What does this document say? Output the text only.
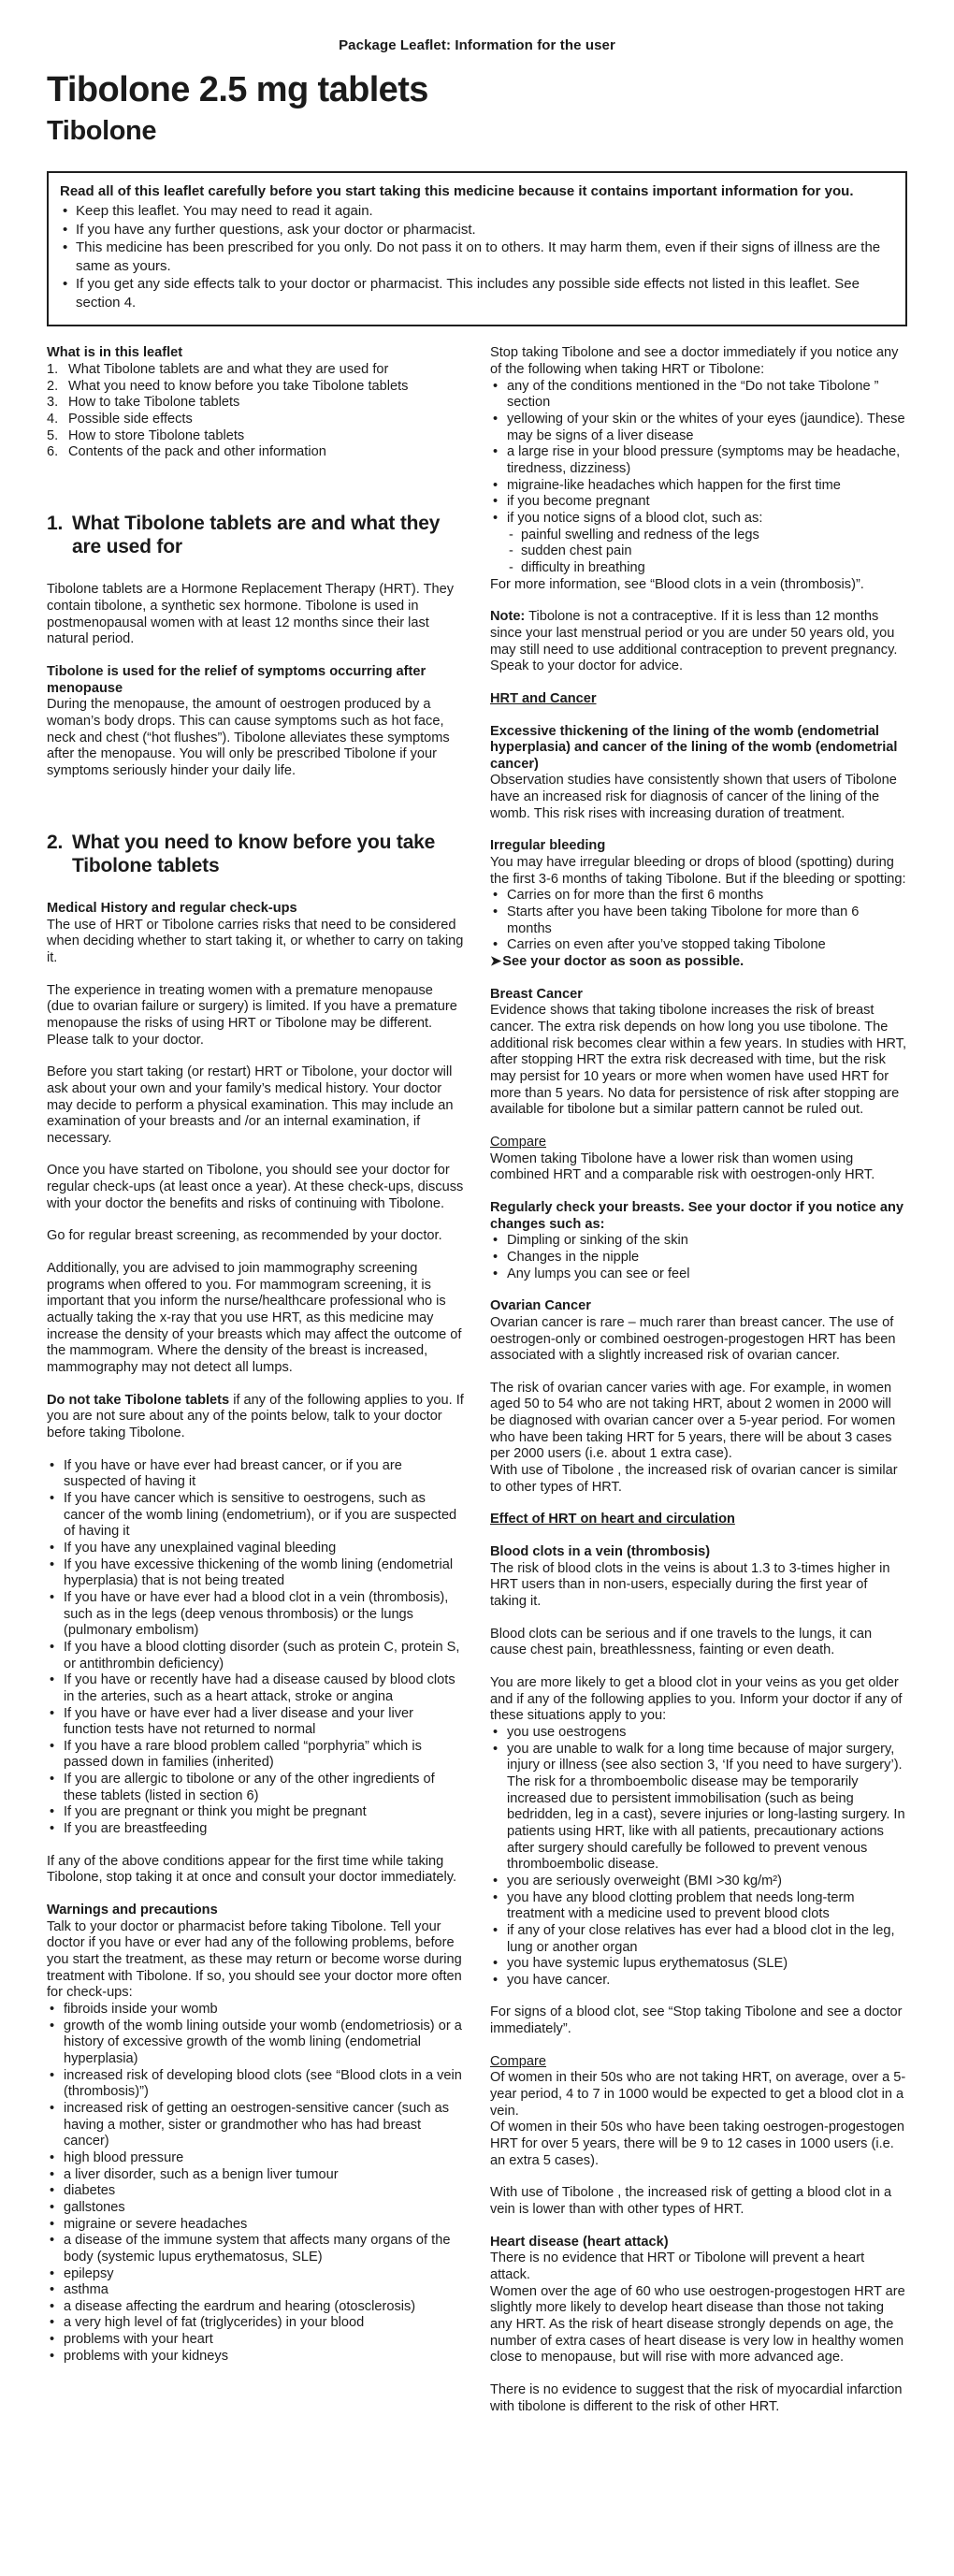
Package Leaflet: Information for the user
Tibolone 2.5 mg tablets
Tibolone
Read all of this leaflet carefully before you start taking this medicine because it contains important information for you.
• Keep this leaflet. You may need to read it again.
• If you have any further questions, ask your doctor or pharmacist.
• This medicine has been prescribed for you only. Do not pass it on to others. It may harm them, even if their signs of illness are the same as yours.
• If you get any side effects talk to your doctor or pharmacist. This includes any possible side effects not listed in this leaflet. See section 4.
What is in this leaflet
1. What Tibolone tablets are and what they are used for
2. What you need to know before you take Tibolone tablets
3. How to take Tibolone tablets
4. Possible side effects
5. How to store Tibolone tablets
6. Contents of the pack and other information
1. What Tibolone tablets are and what they are used for
Tibolone tablets are a Hormone Replacement Therapy (HRT). They contain tibolone, a synthetic sex hormone. Tibolone is used in postmenopausal women with at least 12 months since their last natural period.
Tibolone is used for the relief of symptoms occurring after menopause
During the menopause, the amount of oestrogen produced by a woman’s body drops. This can cause symptoms such as hot face, neck and chest (“hot flushes”). Tibolone alleviates these symptoms after the menopause. You will only be prescribed Tibolone if your symptoms seriously hinder your daily life.
2. What you need to know before you take Tibolone tablets
Medical History and regular check-ups
The use of HRT or Tibolone carries risks that need to be considered when deciding whether to start taking it, or whether to carry on taking it.
The experience in treating women with a premature menopause (due to ovarian failure or surgery) is limited. If you have a premature menopause the risks of using HRT or Tibolone may be different. Please talk to your doctor.
Before you start taking (or restart) HRT or Tibolone, your doctor will ask about your own and your family’s medical history. Your doctor may decide to perform a physical examination. This may include an examination of your breasts and /or an internal examination, if necessary.
Once you have started on Tibolone, you should see your doctor for regular check-ups (at least once a year). At these check-ups, discuss with your doctor the benefits and risks of continuing with Tibolone.
Go for regular breast screening, as recommended by your doctor.
Additionally, you are advised to join mammography screening programs when offered to you. For mammogram screening, it is important that you inform the nurse/healthcare professional who is actually taking the x-ray that you use HRT, as this medicine may increase the density of your breasts which may affect the outcome of the mammogram. Where the density of the breast is increased, mammography may not detect all lumps.
Do not take Tibolone tablets if any of the following applies to you. If you are not sure about any of the points below, talk to your doctor before taking Tibolone.
• If you have or have ever had breast cancer, or if you are suspected of having it
• If you have cancer which is sensitive to oestrogens, such as cancer of the womb lining (endometrium), or if you are suspected of having it
• If you have any unexplained vaginal bleeding
• If you have excessive thickening of the womb lining (endometrial hyperplasia) that is not being treated
• If you have or have ever had a blood clot in a vein (thrombosis), such as in the legs (deep venous thrombosis) or the lungs (pulmonary embolism)
• If you have a blood clotting disorder (such as protein C, protein S, or antithrombin deficiency)
• If you have or recently have had a disease caused by blood clots in the arteries, such as a heart attack, stroke or angina
• If you have or have ever had a liver disease and your liver function tests have not returned to normal
• If you have a rare blood problem called “porphyria” which is passed down in families (inherited)
• If you are allergic to tibolone or any of the other ingredients of these tablets (listed in section 6)
• If you are pregnant or think you might be pregnant
• If you are breastfeeding
If any of the above conditions appear for the first time while taking Tibolone, stop taking it at once and consult your doctor immediately.
Warnings and precautions
Talk to your doctor or pharmacist before taking Tibolone. Tell your doctor if you have or ever had any of the following problems, before you start the treatment, as these may return or become worse during treatment with Tibolone. If so, you should see your doctor more often for check-ups:
• fibroids inside your womb
• growth of the womb lining outside your womb (endometriosis) or a history of excessive growth of the womb lining (endometrial hyperplasia)
• increased risk of developing blood clots (see “Blood clots in a vein (thrombosis)”)
• increased risk of getting an oestrogen-sensitive cancer (such as having a mother, sister or grandmother who has had breast cancer)
• high blood pressure
• a liver disorder, such as a benign liver tumour
• diabetes
• gallstones
• migraine or severe headaches
• a disease of the immune system that affects many organs of the body (systemic lupus erythematosus, SLE)
• epilepsy
• asthma
• a disease affecting the eardrum and hearing (otosclerosis)
• a very high level of fat (triglycerides) in your blood
• problems with your heart
• problems with your kidneys
Stop taking Tibolone and see a doctor immediately if you notice any of the following when taking HRT or Tibolone:
• any of the conditions mentioned in the “Do not take Tibolone ” section
• yellowing of your skin or the whites of your eyes (jaundice). These may be signs of a liver disease
• a large rise in your blood pressure (symptoms may be headache, tiredness, dizziness)
• migraine-like headaches which happen for the first time
• if you become pregnant
• if you notice signs of a blood clot, such as:
- painful swelling and redness of the legs
- sudden chest pain
- difficulty in breathing
For more information, see “Blood clots in a vein (thrombosis)”.
Note: Tibolone is not a contraceptive. If it is less than 12 months since your last menstrual period or you are under 50 years old, you may still need to use additional contraception to prevent pregnancy. Speak to your doctor for advice.
HRT and Cancer
Excessive thickening of the lining of the womb (endometrial hyperplasia) and cancer of the lining of the womb (endometrial cancer)
Observation studies have consistently shown that users of Tibolone have an increased risk for diagnosis of cancer of the lining of the womb. This risk rises with increasing duration of treatment.
Irregular bleeding
You may have irregular bleeding or drops of blood (spotting) during the first 3-6 months of taking Tibolone. But if the bleeding or spotting:
• Carries on for more than the first 6 months
• Starts after you have been taking Tibolone for more than 6 months
• Carries on even after you’ve stopped taking Tibolone
➤ See your doctor as soon as possible.
Breast Cancer
Evidence shows that taking tibolone increases the risk of breast cancer. The extra risk depends on how long you use tibolone. The additional risk becomes clear within a few years. In studies with HRT, after stopping HRT the extra risk decreased with time, but the risk may persist for 10 years or more when women have used HRT for more than 5 years. No data for persistence of risk after stopping are available for tibolone but a similar pattern cannot be ruled out.
Compare
Women taking Tibolone have a lower risk than women using combined HRT and a comparable risk with oestrogen-only HRT.
Regularly check your breasts. See your doctor if you notice any changes such as:
• Dimpling or sinking of the skin
• Changes in the nipple
• Any lumps you can see or feel
Ovarian Cancer
Ovarian cancer is rare – much rarer than breast cancer. The use of oestrogen-only or combined oestrogen-progestogen HRT has been associated with a slightly increased risk of ovarian cancer.
The risk of ovarian cancer varies with age. For example, in women aged 50 to 54 who are not taking HRT, about 2 women in 2000 will be diagnosed with ovarian cancer over a 5-year period. For women who have been taking HRT for 5 years, there will be about 3 cases per 2000 users (i.e. about 1 extra case).
With use of Tibolone , the increased risk of ovarian cancer is similar to other types of HRT.
Effect of HRT on heart and circulation
Blood clots in a vein (thrombosis)
The risk of blood clots in the veins is about 1.3 to 3-times higher in HRT users than in non-users, especially during the first year of taking it.
Blood clots can be serious and if one travels to the lungs, it can cause chest pain, breathlessness, fainting or even death.
You are more likely to get a blood clot in your veins as you get older and if any of the following applies to you. Inform your doctor if any of these situations apply to you:
• you use oestrogens
• you are unable to walk for a long time because of major surgery, injury or illness (see also section 3, ‘If you need to have surgery’). The risk for a thromboembolic disease may be temporarily increased due to persistent immobilisation (such as being bedridden, leg in a cast), severe injuries or long-lasting surgery. In patients using HRT, like with all patients, precautionary actions after surgery should carefully be followed to prevent venous thromboembolic disease.
• you are seriously overweight (BMI >30 kg/m²)
• you have any blood clotting problem that needs long-term treatment with a medicine used to prevent blood clots
• if any of your close relatives has ever had a blood clot in the leg, lung or another organ
• you have systemic lupus erythematosus (SLE)
• you have cancer.
For signs of a blood clot, see “Stop taking Tibolone and see a doctor immediately”.
Compare
Of women in their 50s who are not taking HRT, on average, over a 5-year period, 4 to 7 in 1000 would be expected to get a blood clot in a vein.
Of women in their 50s who have been taking oestrogen-progestogen HRT for over 5 years, there will be 9 to 12 cases in 1000 users (i.e. an extra 5 cases).
With use of Tibolone , the increased risk of getting a blood clot in a vein is lower than with other types of HRT.
Heart disease (heart attack)
There is no evidence that HRT or Tibolone will prevent a heart attack.
Women over the age of 60 who use oestrogen-progestogen HRT are slightly more likely to develop heart disease than those not taking any HRT. As the risk of heart disease strongly depends on age, the number of extra cases of heart disease is very low in healthy women close to menopause, but will rise with more advanced age.
There is no evidence to suggest that the risk of myocardial infarction with tibolone is different to the risk of other HRT.
